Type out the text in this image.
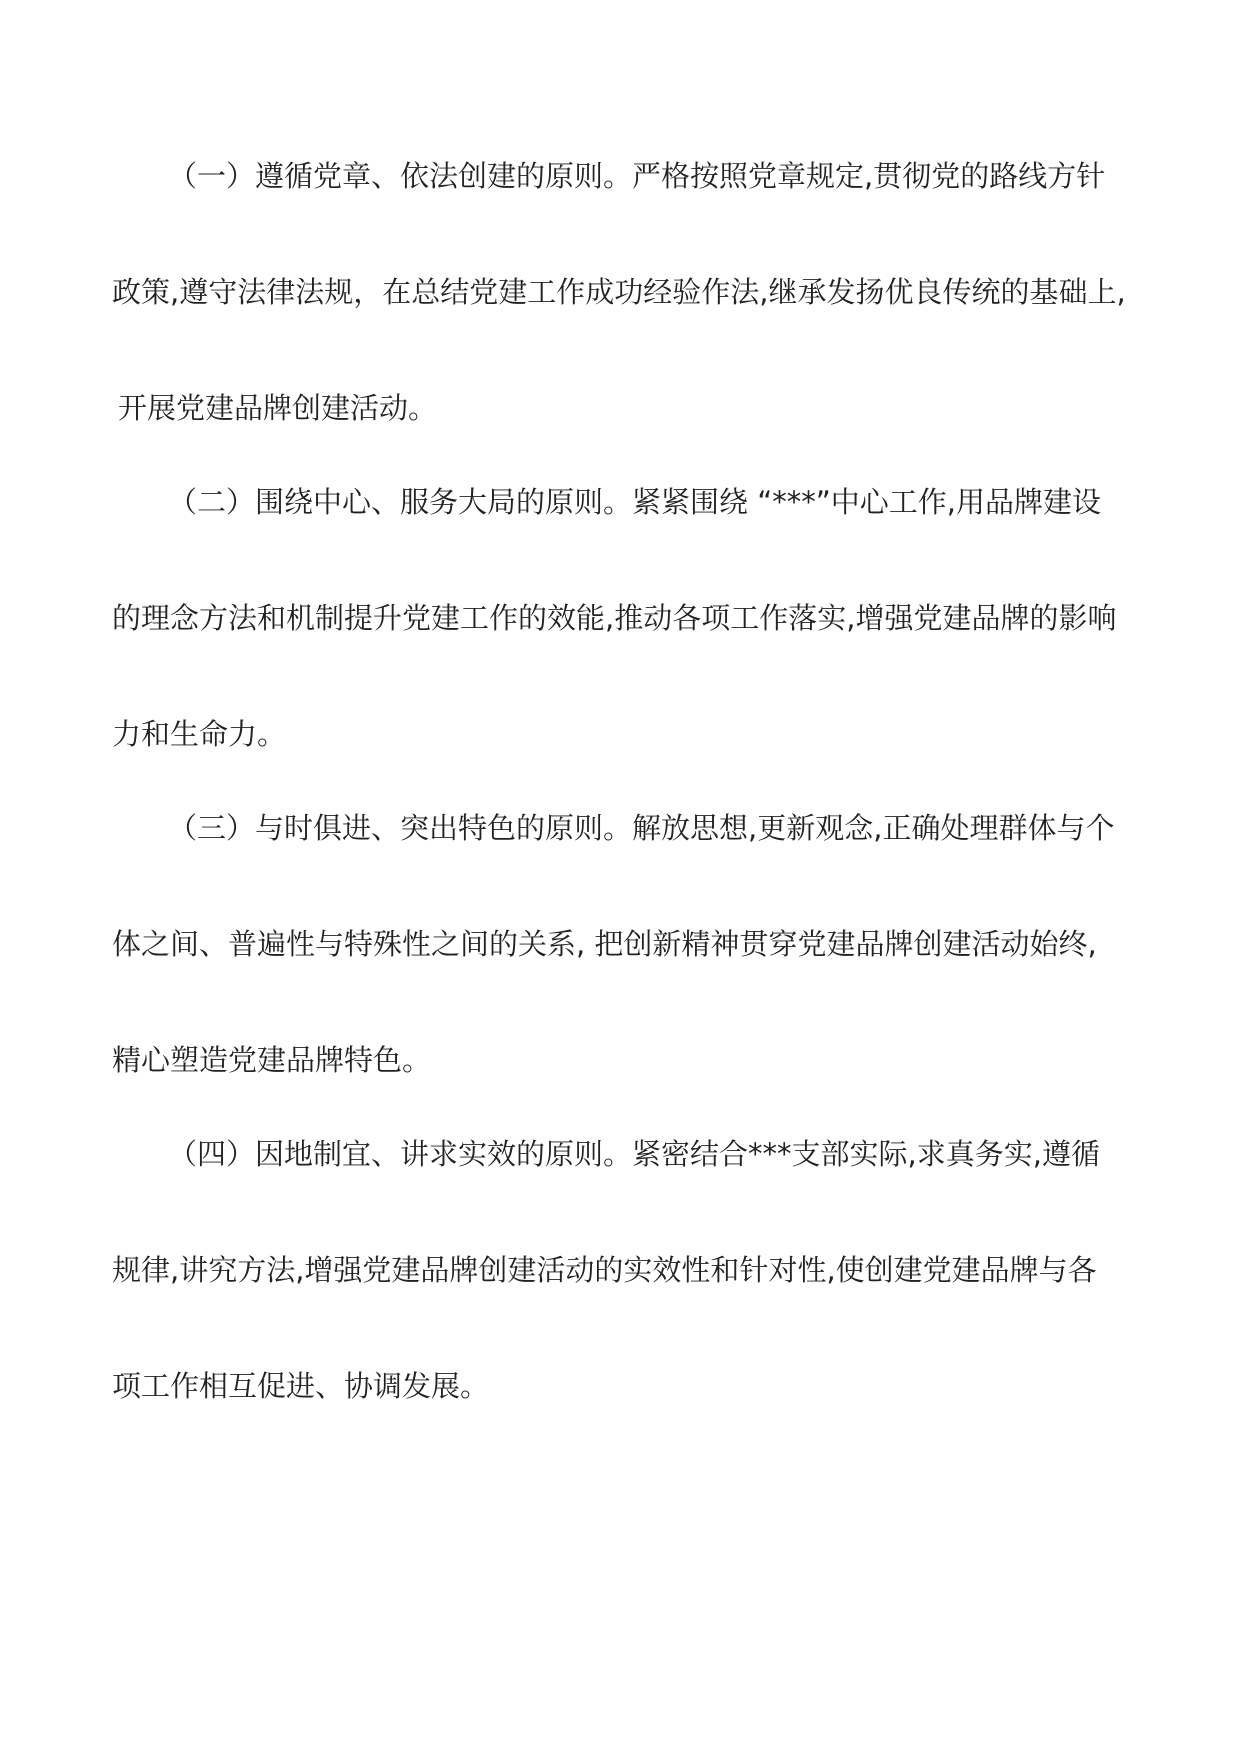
（一）遵循党章、依法创建的原则。严格按照党章规定,贯彻党的路线方针
政策,遵守法律法规，在总结党建工作成功经验作法,继承发扬优良传统的基础上,
开展党建品牌创建活动。
（二）围绕中心、服务大局的原则。紧紧围绕 “***”中心工作,用品牌建设
的理念方法和机制提升党建工作的效能,推动各项工作落实,增强党建品牌的影响
力和生命力。
（三）与时俱进、突出特色的原则。解放思想,更新观念,正确处理群体与个
体之间、普遍性与特殊性之间的关系, 把创新精神贯穿党建品牌创建活动始终,
精心塑造党建品牌特色。
（四）因地制宜、讲求实效的原则。紧密结合***支部实际,求真务实,遵循
规律,讲究方法,增强党建品牌创建活动的实效性和针对性,使创建党建品牌与各
项工作相互促进、协调发展。
